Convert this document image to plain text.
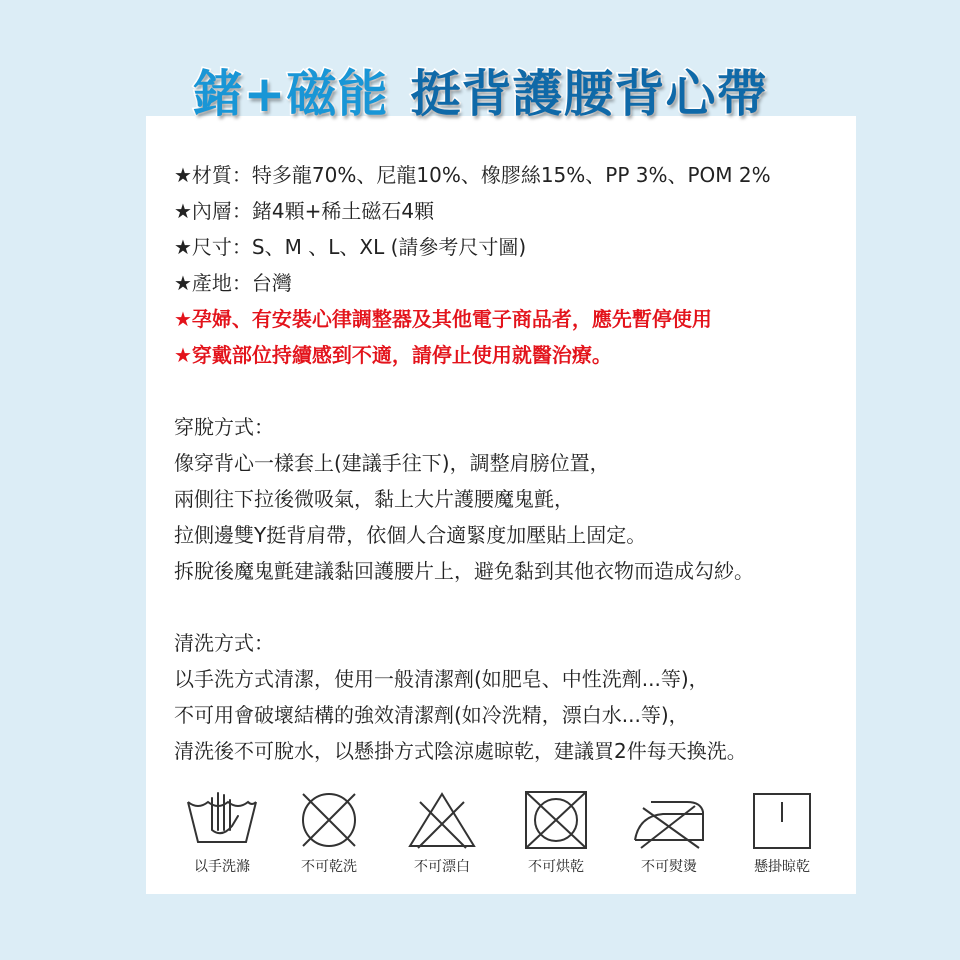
鍺+磁能 挺背護腰背心帶
★材質：特多龍70%、尼龍10%、橡膠絲15%、PP 3%、POM 2%
★內層：鍺4顆+稀土磁石4顆
★尺寸：S、M 、L、XL (請參考尺寸圖)
★產地：台灣
★孕婦、有安裝心律調整器及其他電子商品者，應先暫停使用
★穿戴部位持續感到不適，請停止使用就醫治療。
穿脫方式：
像穿背心一樣套上(建議手往下)，調整肩膀位置，
兩側往下拉後微吸氣，黏上大片護腰魔鬼氈，
拉側邊雙Y挺背肩帶，依個人合適緊度加壓貼上固定。
拆脫後魔鬼氈建議黏回護腰片上，避免黏到其他衣物而造成勾紗。
清洗方式：
以手洗方式清潔，使用一般清潔劑(如肥皂、中性洗劑...等)，
不可用會破壞結構的強效清潔劑(如冷洗精，漂白水...等)，
清洗後不可脫水，以懸掛方式陰涼處晾乾，建議買2件每天換洗。
以手洗滌	不可乾洗	不可漂白	不可烘乾	不可熨燙	懸掛晾乾
